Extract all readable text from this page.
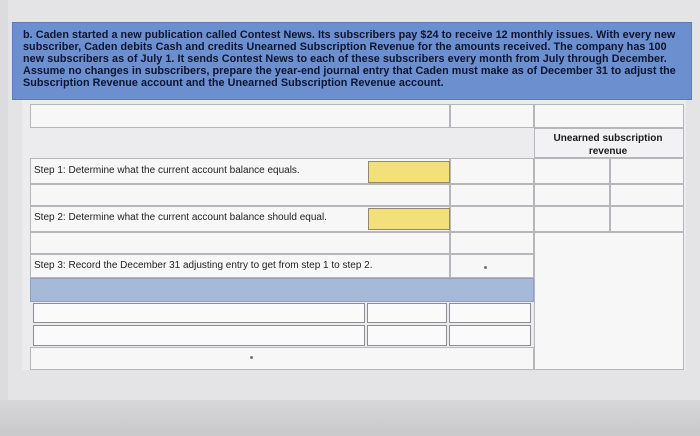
b. Caden started a new publication called Contest News. Its subscribers pay $24 to receive 12 monthly issues. With every new subscriber, Caden debits Cash and credits Unearned Subscription Revenue for the amounts received. The company has 100 new subscribers as of July 1. It sends Contest News to each of these subscribers every month from July through December. Assume no changes in subscribers, prepare the year-end journal entry that Caden must make as of December 31 to adjust the Subscription Revenue account and the Unearned Subscription Revenue account.
Unearned subscription revenue
Step 1: Determine what the current account balance equals.
Step 2: Determine what the current account balance should equal.
Step 3: Record the December 31 adjusting entry to get from step 1 to step 2.
